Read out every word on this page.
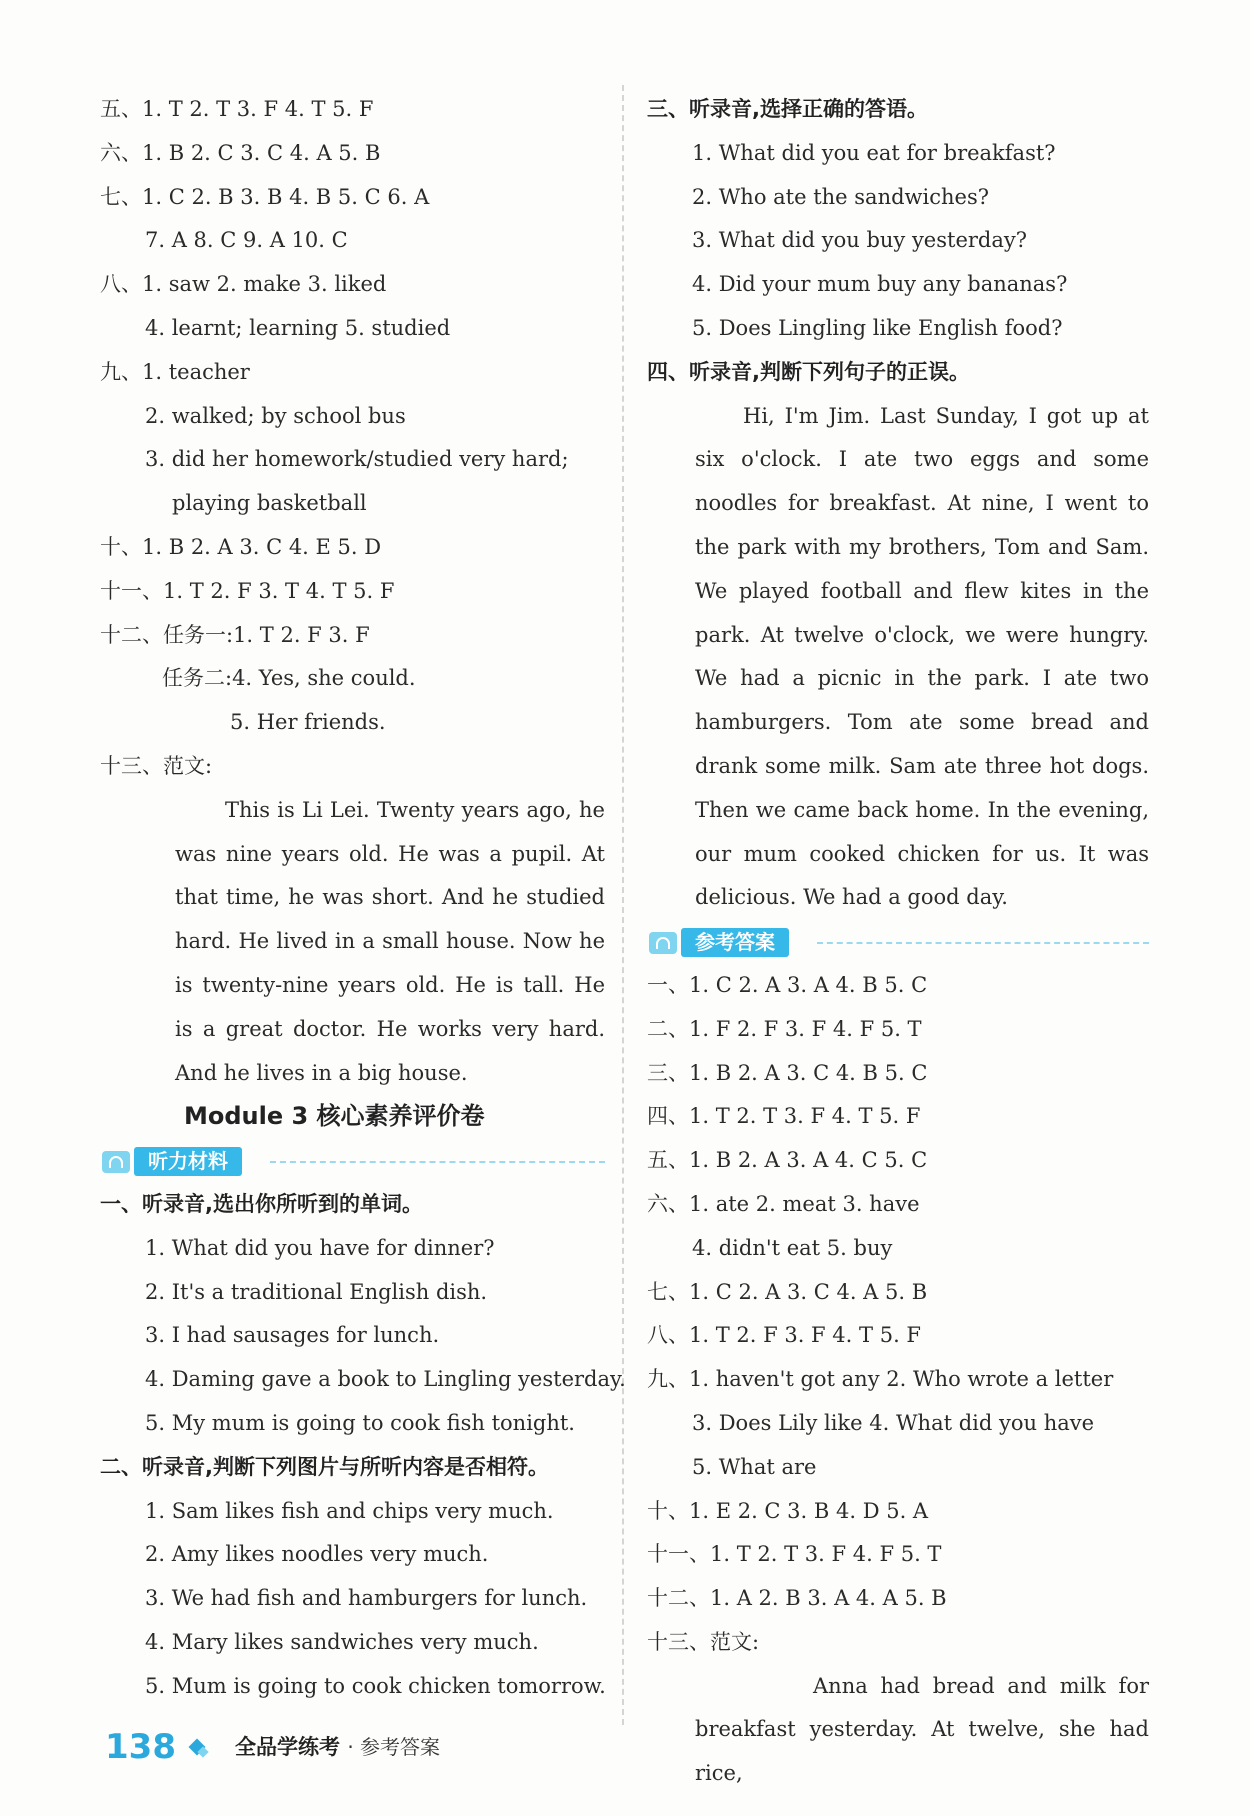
五、1. T 2. T 3. F 4. T 5. F
六、1. B 2. C 3. C 4. A 5. B
七、1. C 2. B 3. B 4. B 5. C 6. A
7. A 8. C 9. A 10. C
八、1. saw 2. make 3. liked
4. learnt; learning 5. studied
九、1. teacher
2. walked; by school bus
3. did her homework/studied very hard;
playing basketball
十、1. B 2. A 3. C 4. E 5. D
十一、1. T 2. F 3. T 4. T 5. F
十二、任务一:1. T 2. F 3. F
任务二:4. Yes, she could.
5. Her friends.
十三、范文:

This is Li Lei. Twenty years ago, he was nine years old. He was a pupil. At that time, he was short. And he studied hard. He lived in a small house. Now he is twenty-nine years old. He is tall. He is a great doctor. He works very hard. And he lives in a big house.

Module 3 核心素养评价卷
听力材料
一、听录音,选出你所听到的单词。
1. What did you have for dinner?
2. It's a traditional English dish.
3. I had sausages for lunch.
4. Daming gave a book to Lingling yesterday.
5. My mum is going to cook fish tonight.
二、听录音,判断下列图片与所听内容是否相符。
1. Sam likes fish and chips very much.
2. Amy likes noodles very much.
3. We had fish and hamburgers for lunch.
4. Mary likes sandwiches very much.
5. Mum is going to cook chicken tomorrow.
三、听录音,选择正确的答语。
1. What did you eat for breakfast?
2. Who ate the sandwiches?
3. What did you buy yesterday?
4. Did your mum buy any bananas?
5. Does Lingling like English food?
四、听录音,判断下列句子的正误。

Hi, I'm Jim. Last Sunday, I got up at six o'clock. I ate two eggs and some noodles for breakfast. At nine, I went to the park with my brothers, Tom and Sam. We played football and flew kites in the park. At twelve o'clock, we were hungry. We had a picnic in the park. I ate two hamburgers. Tom ate some bread and drank some milk. Sam ate three hot dogs. Then we came back home. In the evening, our mum cooked chicken for us. It was delicious. We had a good day.

参考答案
一、1. C 2. A 3. A 4. B 5. C
二、1. F 2. F 3. F 4. F 5. T
三、1. B 2. A 3. C 4. B 5. C
四、1. T 2. T 3. F 4. T 5. F
五、1. B 2. A 3. A 4. C 5. C
六、1. ate 2. meat 3. have
4. didn't eat 5. buy
七、1. C 2. A 3. C 4. A 5. B
八、1. T 2. F 3. F 4. T 5. F
九、1. haven't got any 2. Who wrote a letter
3. Does Lily like 4. What did you have
5. What are
十、1. E 2. C 3. B 4. D 5. A
十一、1. T 2. T 3. F 4. F 5. T
十二、1. A 2. B 3. A 4. A 5. B
十三、范文:

Anna had bread and milk for breakfast yesterday. At twelve, she had rice,

138	全品学练考 · 参考答案
